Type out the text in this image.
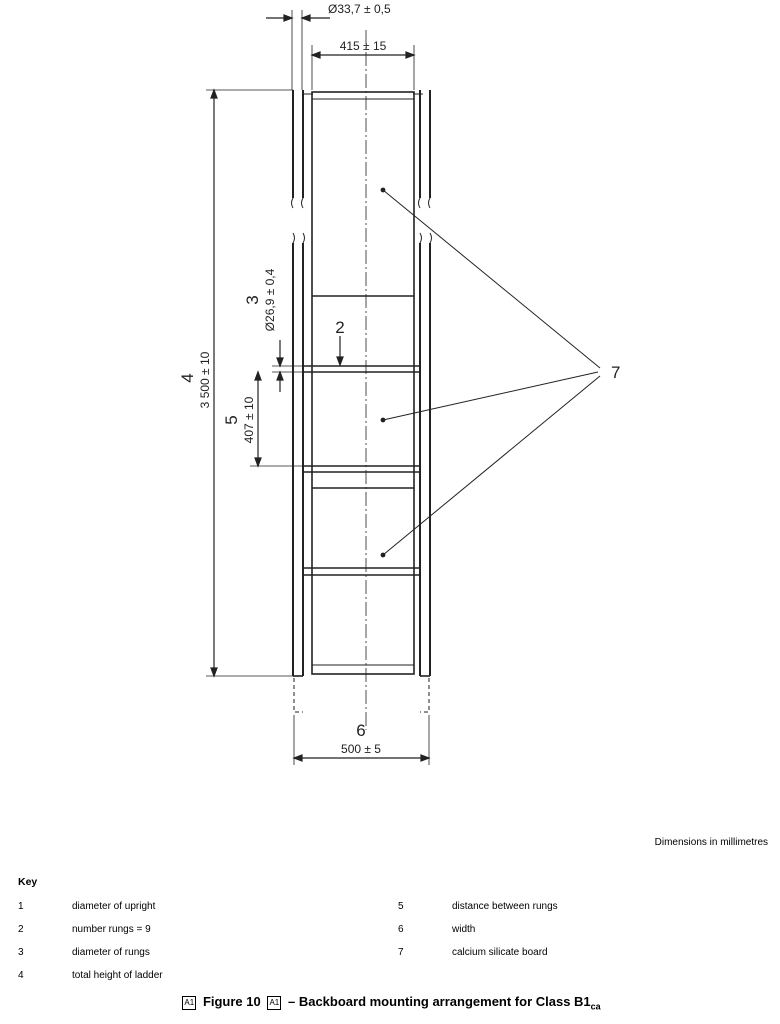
Ø33,7 ± 0,5
415 ± 15
3 500 ± 10
4
Ø26,9 ± 0,4
3
407 ± 10
5
2
6
500 ± 5
7
Dimensions in millimetres
Key
1	diameter of upright
2	number rungs = 9
3	diameter of rungs
4	total height of ladder
5	distance between rungs
6	width
7	calcium silicate board
A1 Figure 10 A1 – Backboard mounting arrangement for Class $B1_{ca}$
